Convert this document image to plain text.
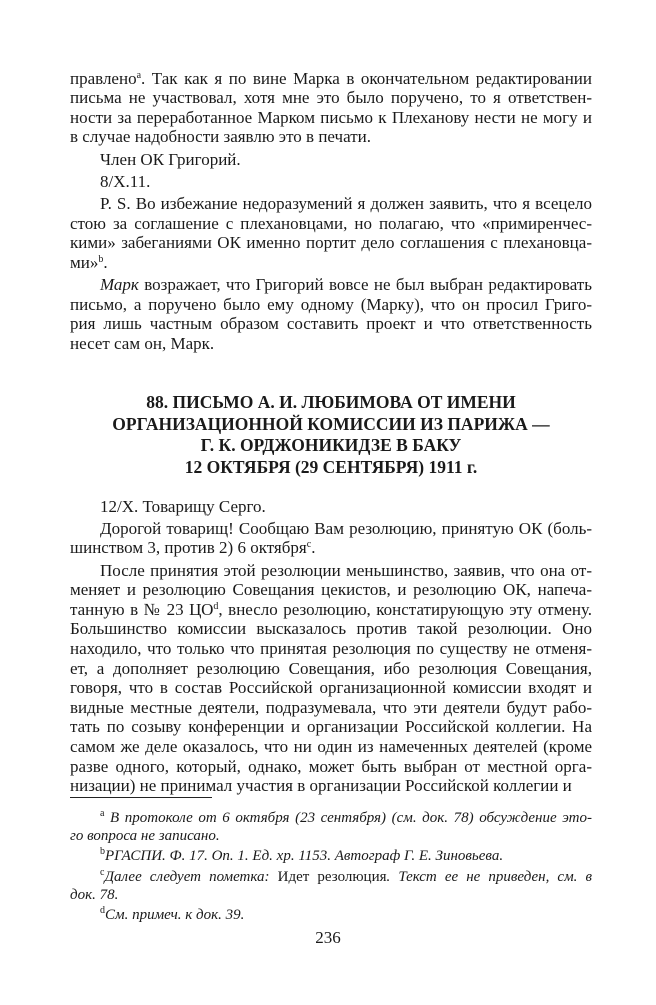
правлено$^a$. Так как я по вине Марка в окончательном редактировании
письма не участвовал, хотя мне это было поручено, то я ответствен-
ности за переработанное Марком письмо к Плеханову нести не могу и
в случае надобности заявлю это в печати.
Член ОК Григорий.
8/X.11.
P. S. Во избежание недоразумений я должен заявить, что я всецело
стою за соглашение с плехановцами, но полагаю, что «примиренчес-
кими» забеганиями ОК именно портит дело соглашения с плехановца-
ми»$^b$.
Марк возражает, что Григорий вовсе не был выбран редактировать
письмо, а поручено было ему одному (Марку), что он просил Григо-
рия лишь частным образом составить проект и что ответственность
несет сам он, Марк.
88. ПИСЬМО А. И. ЛЮБИМОВА ОТ ИМЕНИ
ОРГАНИЗАЦИОННОЙ КОМИССИИ ИЗ ПАРИЖА —
Г. К. ОРДЖОНИКИДЗЕ В БАКУ
12 ОКТЯБРЯ (29 СЕНТЯБРЯ) 1911 г.
12/X. Товарищу Серго.
Дорогой товарищ! Сообщаю Вам резолюцию, принятую ОК (боль-
шинством 3, против 2) 6 октября$^c$.
После принятия этой резолюции меньшинство, заявив, что она от-
меняет и резолюцию Совещания цекистов, и резолюцию ОК, напеча-
танную в № 23 $ЦО^d$, внесло резолюцию, констатирующую эту отмену.
Большинство комиссии высказалось против такой резолюции. Оно
находило, что только что принятая резолюция по существу не отменя-
ет, а дополняет резолюцию Совещания, ибо резолюция Совещания,
говоря, что в состав Российской организационной комиссии входят и
видные местные деятели, подразумевала, что эти деятели будут рабо-
тать по созыву конференции и организации Российской коллегии. На
самом же деле оказалось, что ни один из намеченных деятелей (кроме
разве одного, который, однако, может быть выбран от местной орга-
низации) не принимал участия в организации Российской коллегии и
$^a$ В протоколе от 6 октября (23 сентября) (см. док. 78) обсуждение это-
го вопроса не записано.
$^b$РГАСПИ. Ф. 17. Оп. 1. Ед. хр. 1153. Автограф Г. Е. Зиновьева.
$^c$Далее следует пометка: Идет резолюция. Текст ее не приведен, см. в
док. 78.
$^d$См. примеч. к док. 39.
236
